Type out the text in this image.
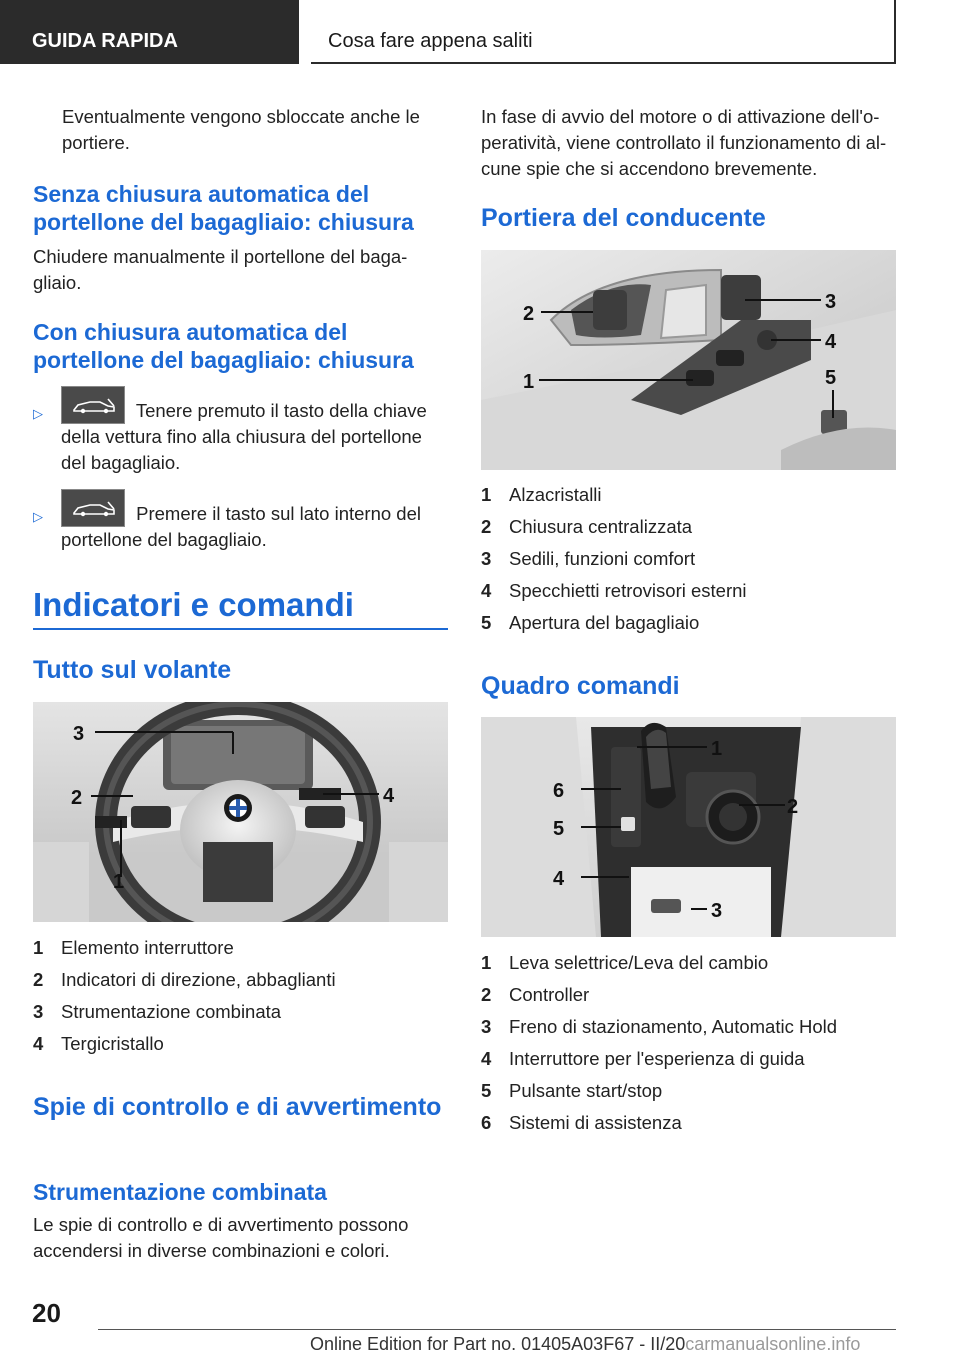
GUIDA RAPIDA	Cosa fare appena saliti

Eventualmente vengono sbloccate anche le portiere.

Senza chiusura automatica del portellone del bagagliaio: chiusura

Chiudere manualmente il portellone del baga-gliaio.

Con chiusura automatica del portellone del bagagliaio: chiusura
▷	Tenere premuto il tasto della chiave della vettura fino alla chiusura del portellone del bagagliaio.
▷	Premere il tasto sul lato interno del portellone del bagagliaio.
Indicatori e comandi
Tutto sul volante
3
2
1
4
1 Elemento interruttore
2 Indicatori di direzione, abbaglianti
3 Strumentazione combinata
4 Tergicristallo
Spie di controllo e di avvertimento
Strumentazione combinata

Le spie di controllo e di avvertimento possono accendersi in diverse combinazioni e colori.

In fase di avvio del motore o di attivazione dell'o-peratività, viene controllato il funzionamento di al-cune spie che si accendono brevemente.

Portiera del conducente
2
1
3
4
5
1 Alzacristalli
2 Chiusura centralizzata
3 Sedili, funzioni comfort
4 Specchietti retrovisori esterni
5 Apertura del bagagliaio
Quadro comandi
1
6
2
5
4
3
1 Leva selettrice/Leva del cambio
2 Controller
3 Freno di stazionamento, Automatic Hold
4 Interruttore per l'esperienza di guida
5 Pulsante start/stop
6 Sistemi di assistenza
20
Online Edition for Part no. 01405A03F67 - II/20carmanualsonline.info
